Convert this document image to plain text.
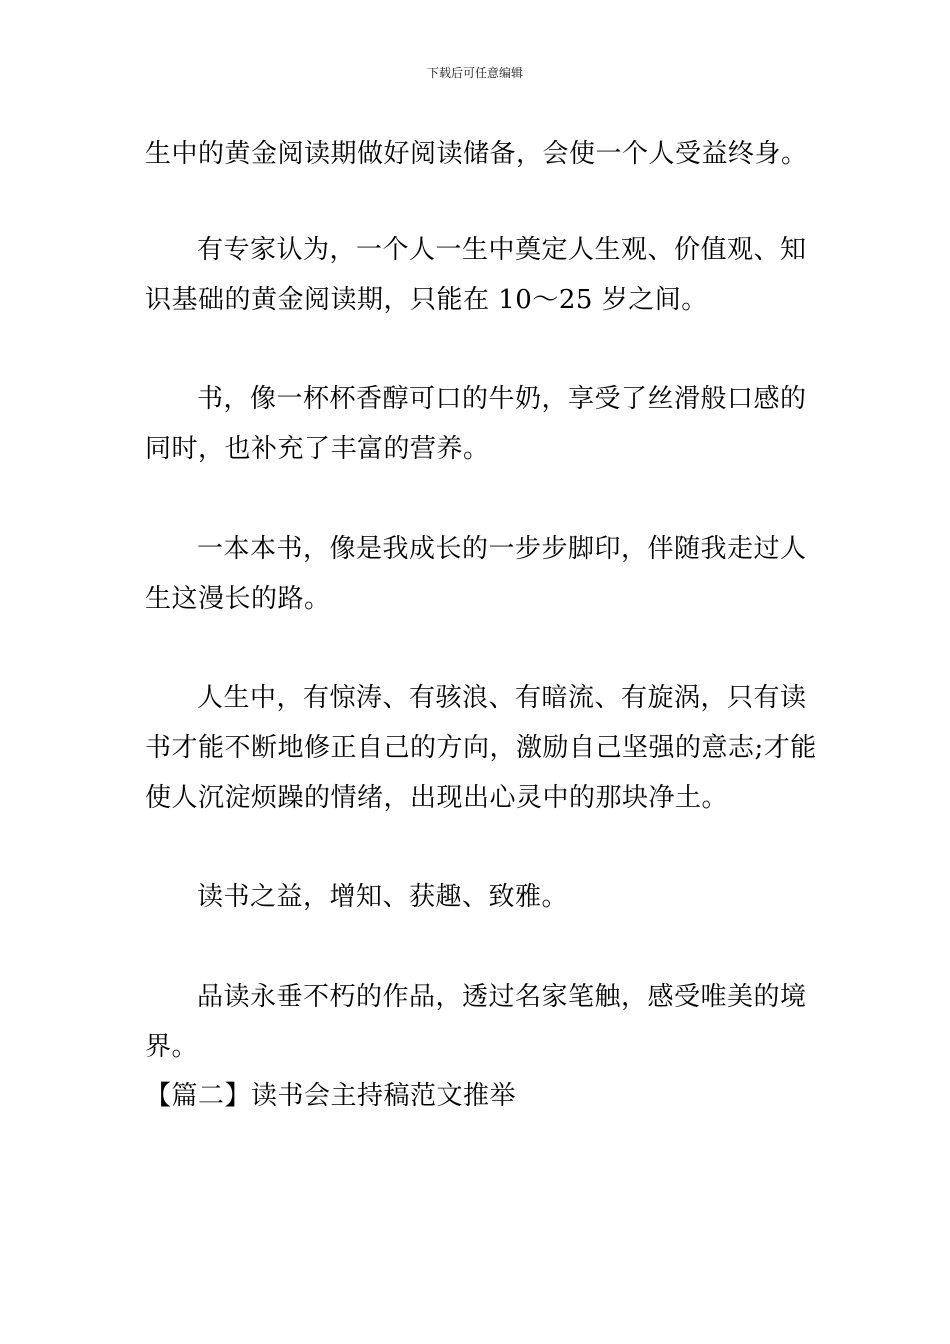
下载后可任意编辑
生中的黄金阅读期做好阅读储备，会使一个人受益终身。
有专家认为，一个人一生中奠定人生观、价值观、知
识基础的黄金阅读期，只能在 10～25 岁之间。
书，像一杯杯香醇可口的牛奶，享受了丝滑般口感的
同时，也补充了丰富的营养。
一本本书，像是我成长的一步步脚印，伴随我走过人
生这漫长的路。
人生中，有惊涛、有骇浪、有暗流、有旋涡，只有读
书才能不断地修正自己的方向，激励自己坚强的意志;才能
使人沉淀烦躁的情绪，出现出心灵中的那块净土。
读书之益，增知、获趣、致雅。
品读永垂不朽的作品，透过名家笔触，感受唯美的境
界。
【篇二】读书会主持稿范文推举
